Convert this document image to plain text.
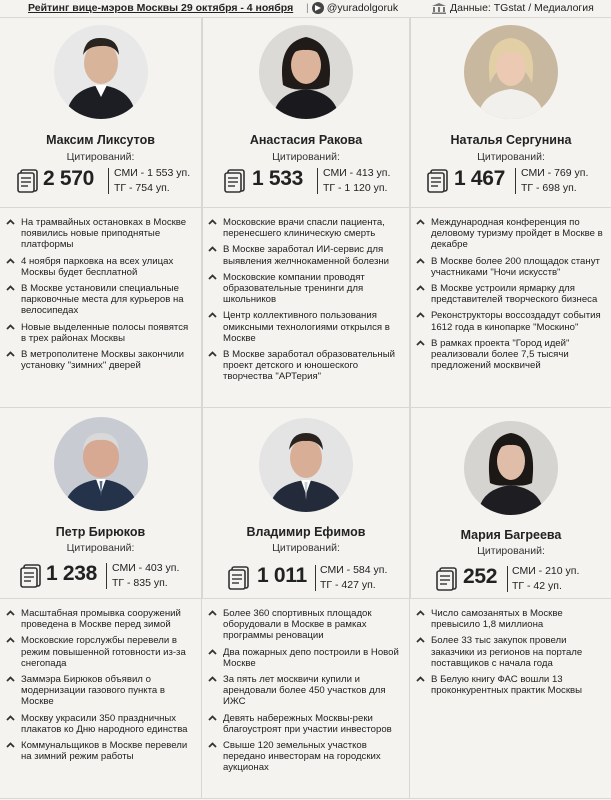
Рейтинг вице-мэров Москвы 29 октября - 4 ноября | @yuradolgoruk	Данные: TGstat / Медиалогия
Максим Ликсутов
Цитирований:
2 570 СМИ - 1 553 уп.
ТГ - 754 уп.
Анастасия Ракова
Цитирований:
1 533 СМИ - 413 уп.
ТГ - 1 120 уп.
Наталья Сергунина
Цитирований:
1 467 СМИ - 769 уп.
ТГ - 698 уп.
На трамвайных остановках в Москве появились новые приподнятые платформы
4 ноября парковка на всех улицах Москвы будет бесплатной
В Москве установили специальные парковочные места для курьеров на велосипедах
Новые выделенные полосы появятся в трех районах Москвы
В метрополитене Москвы закончили установку "зимних" дверей
Московские врачи спасли пациента, перенесшего клиническую смерть
В Москве заработал ИИ-сервис для выявления желчнокаменной болезни
Московские компании проводят образовательные тренинги для школьников
Центр коллективного пользования омиксными технологиями открылся в Москве
В Москве заработал образовательный проект детского и юношеского творчества "АРТерия"
Международная конференция по деловому туризму пройдет в Москве в декабре
В Москве более 200 площадок станут участниками "Ночи искусств"
В Москве устроили ярмарку для представителей творческого бизнеса
Реконструкторы воссоздадут события 1612 года в кинопарке "Москино"
В рамках проекта "Город идей" реализовали более 7,5 тысячи предложений москвичей
Петр Бирюков
Цитирований:
1 238 СМИ - 403 уп.
ТГ - 835 уп.
Владимир Ефимов
Цитирований:
1 011 СМИ - 584 уп.
ТГ - 427 уп.
Мария Багреева
Цитирований:
252 СМИ - 210 уп.
ТГ - 42 уп.
Масштабная промывка сооружений проведена в Москве перед зимой
Московские горслужбы перевели в режим повышенной готовности из-за снегопада
Заммэра Бирюков объявил о модернизации газового пункта в Москве
Москву украсили 350 праздничных плакатов ко Дню народного единства
Коммунальщиков в Москве перевели на зимний режим работы
Более 360 спортивных площадок оборудовали в Москве в рамках программы реновации
Два пожарных депо построили в Новой Москве
За пять лет москвичи купили и арендовали более 450 участков для ИЖС
Девять набережных Москвы-реки благоустроят при участии инвесторов
Свыше 120 земельных участков передано инвесторам на городских аукционах
Число самозанятых в Москве превысило 1,8 миллиона
Более 33 тыс закупок провели заказчики из регионов на портале поставщиков с начала года
В Белую книгу ФАС вошли 13 проконкурентных практик Москвы
